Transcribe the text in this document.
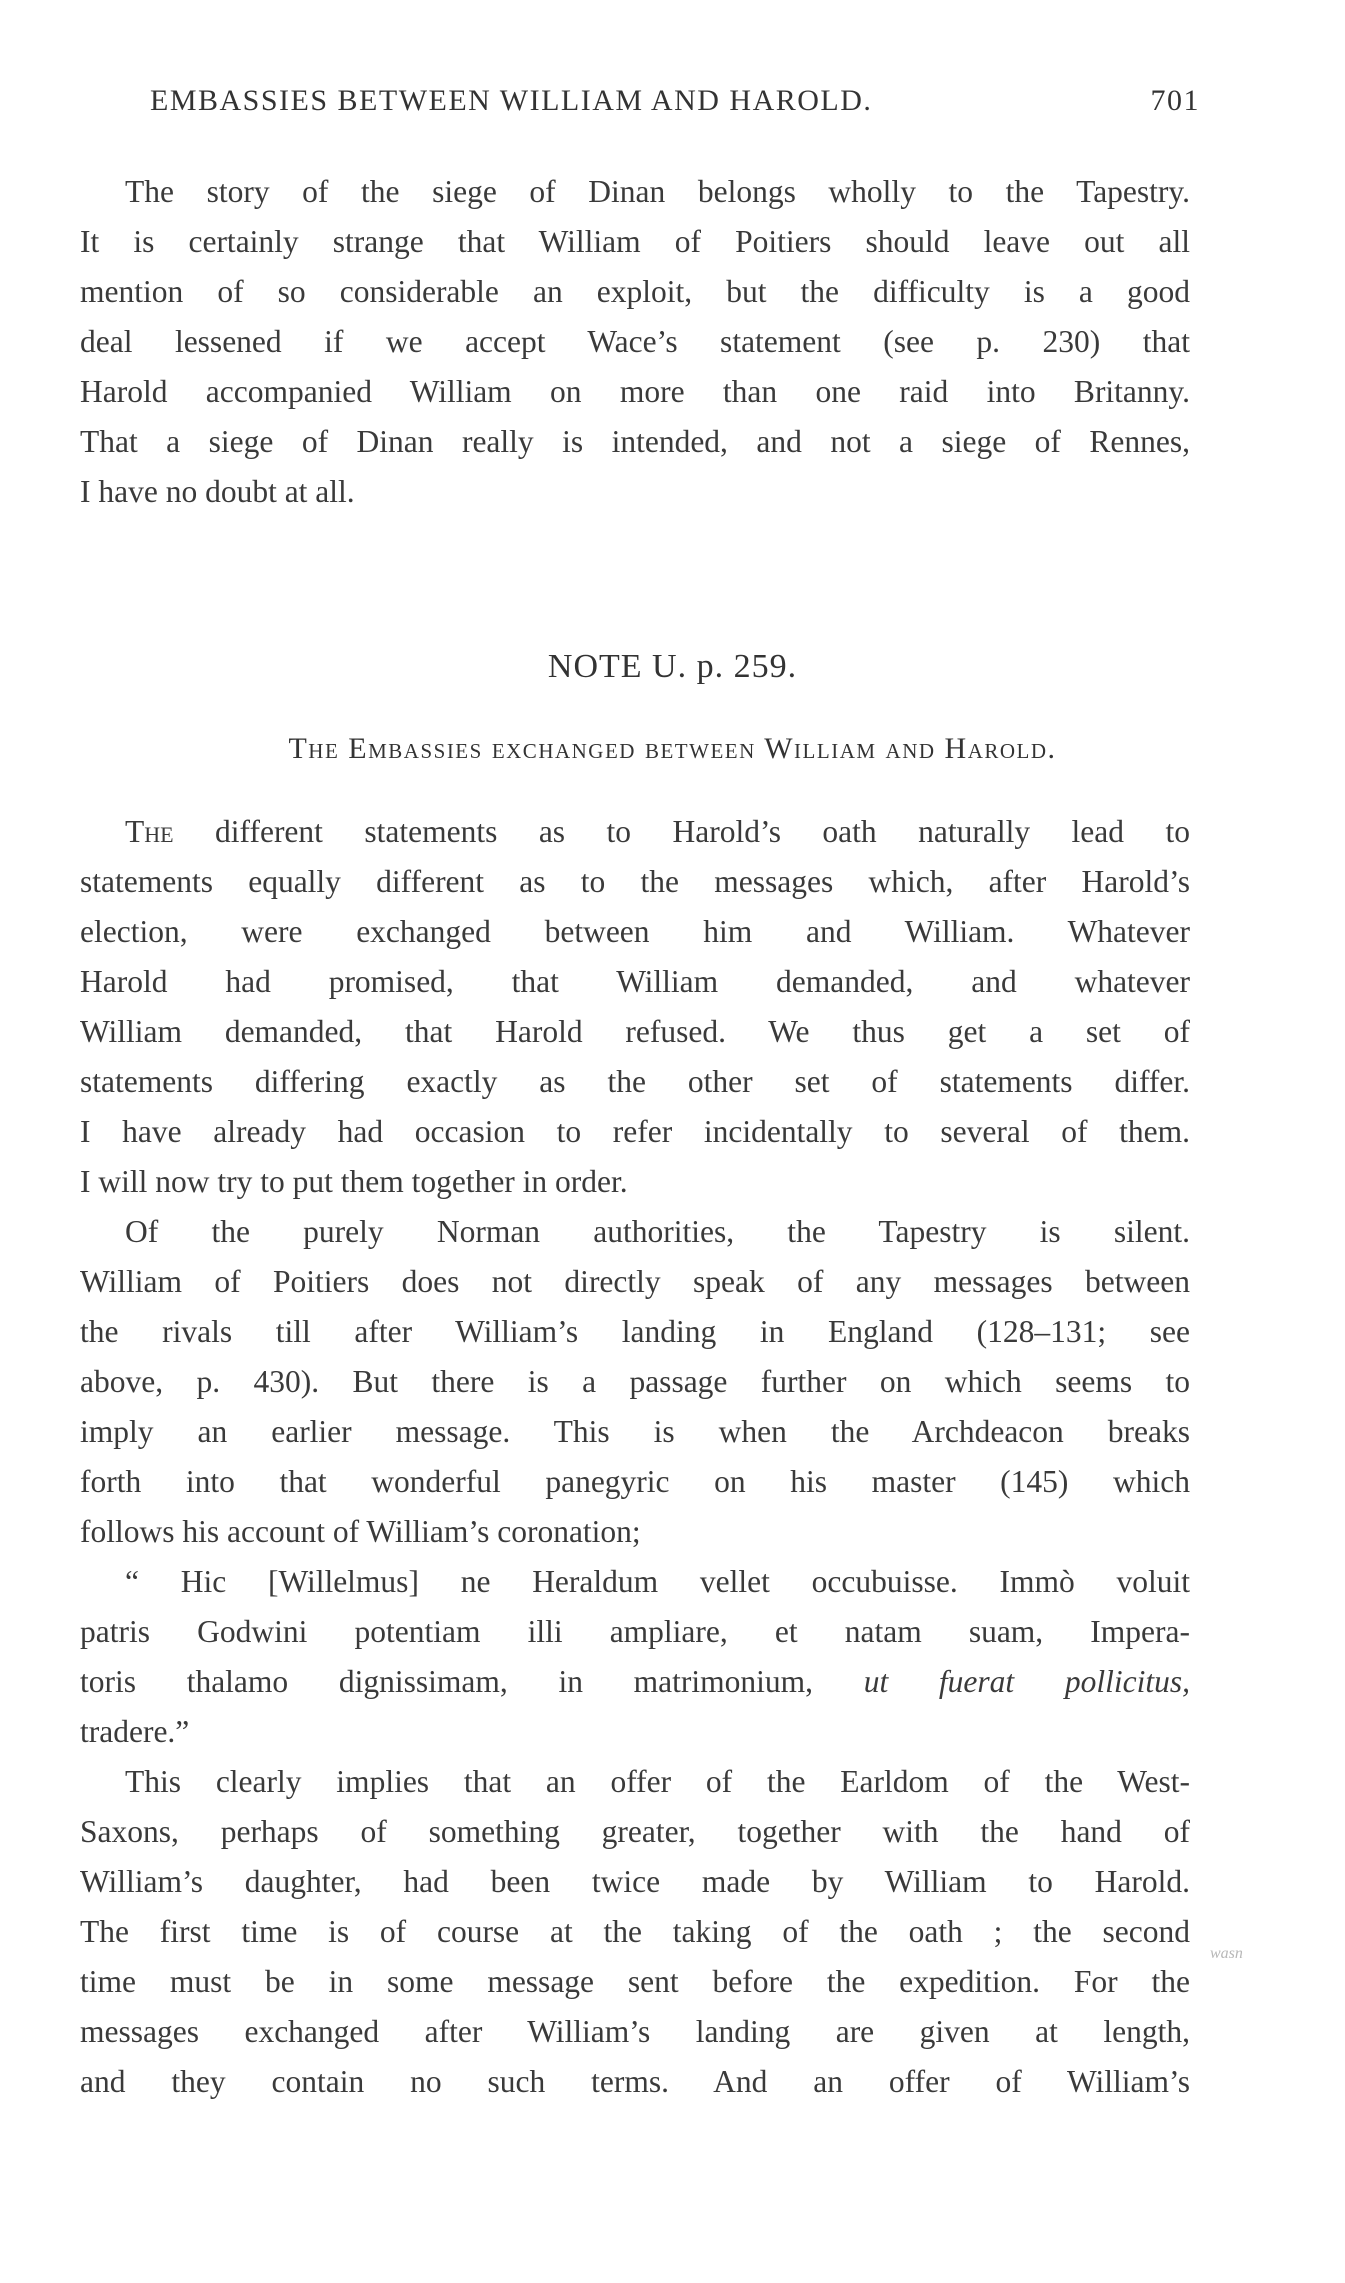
EMBASSIES BETWEEN WILLIAM AND HAROLD.	701
The story of the siege of Dinan belongs wholly to the Tapestry.
It is certainly strange that William of Poitiers should leave out all
mention of so considerable an exploit, but the difficulty is a good
deal lessened if we accept Wace’s statement (see p. 230) that
Harold accompanied William on more than one raid into Britanny.
That a siege of Dinan really is intended, and not a siege of Rennes,
I have no doubt at all.
NOTE U. p. 259.
The Embassies exchanged between William and Harold.
The different statements as to Harold’s oath naturally lead to
statements equally different as to the messages which, after Harold’s
election, were exchanged between him and William. Whatever
Harold had promised, that William demanded, and whatever
William demanded, that Harold refused. We thus get a set of
statements differing exactly as the other set of statements differ.
I have already had occasion to refer incidentally to several of them.
I will now try to put them together in order.
Of the purely Norman authorities, the Tapestry is silent.
William of Poitiers does not directly speak of any messages between
the rivals till after William’s landing in England (128–131; see
above, p. 430). But there is a passage further on which seems to
imply an earlier message. This is when the Archdeacon breaks
forth into that wonderful panegyric on his master (145) which
follows his account of William’s coronation;
“ Hic [Willelmus] ne Heraldum vellet occubuisse. Immò voluit
patris Godwini potentiam illi ampliare, et natam suam, Impera-
toris thalamo dignissimam, in matrimonium, ut fuerat pollicitus,
tradere.”
This clearly implies that an offer of the Earldom of the West-
Saxons, perhaps of something greater, together with the hand of
William’s daughter, had been twice made by William to Harold.
The first time is of course at the taking of the oath ; the second
time must be in some message sent before the expedition. For the
messages exchanged after William’s landing are given at length,
and they contain no such terms. And an offer of William’s
wasn
